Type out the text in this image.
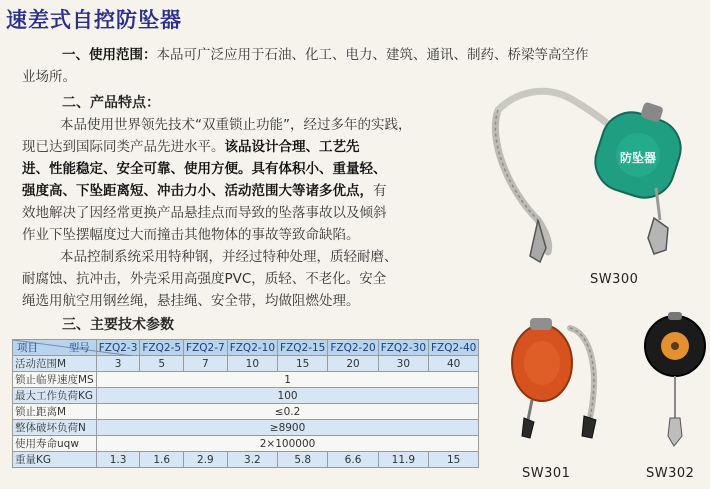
速差式自控防坠器
一、使用范围：本品可广泛应用于石油、化工、电力、建筑、通讯、制药、桥梁等高空作
业场所。
二、产品特点：
本品使用世界领先技术“双重锁止功能”，经过多年的实践，
现已达到国际同类产品先进水平。该品设计合理、工艺先
进、性能稳定、安全可靠、使用方便。具有体积小、重量轻、
强度高、下坠距离短、冲击力小、活动范围大等诸多优点，有
效地解决了因经常更换产品悬挂点而导致的坠落事故以及倾斜
作业下坠摆幅度过大而撞击其他物体的事故等致命缺陷。
本品控制系统采用特种钢，并经过特种处理，质轻耐磨、
耐腐蚀、抗冲击，外壳采用高强度PVC，质轻、不老化。安全
绳选用航空用钢丝绳，悬挂绳、安全带，均做阻燃处理。
三、主要技术参数
项目 型号	FZQ2-3	FZQ2-5	FZQ2-7	FZQ2-10	FZQ2-15	FZQ2-20	FZQ2-30	FZQ2-40
活动范围M	3	5	7	10	15	20	30	40
锁止临界速度MS	1							
最大工作负荷KG	100							
锁止距离M	≤0.2							
整体破坏负荷N	≥8900							
使用寿命uqw	2×100000							
重量KG	1.3	1.6	2.9	3.2	5.8	6.6	11.9	15
防坠器
SW300
SW301	SW302
